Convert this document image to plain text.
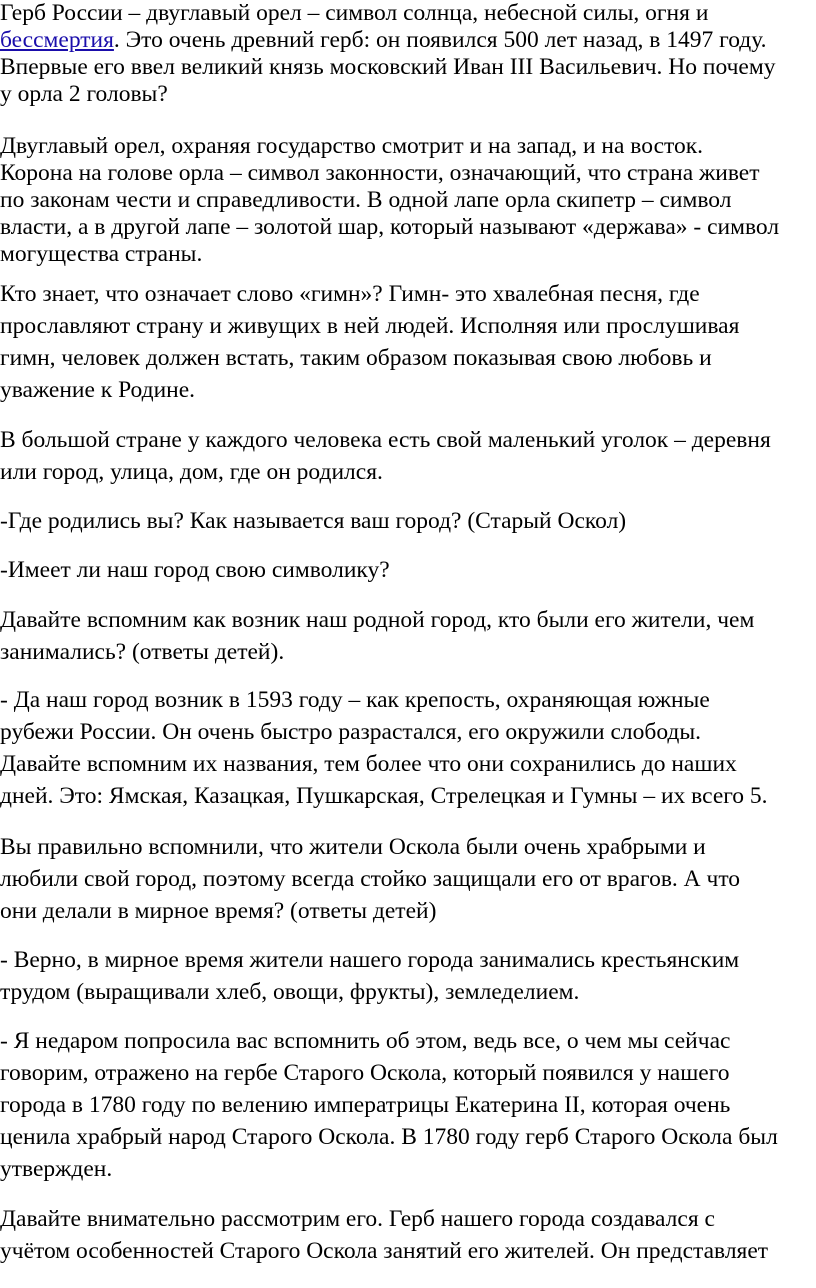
Герб России – двуглавый орел – символ солнца, небесной силы, огня и

бессмертия. Это очень древний герб: он появился 500 лет назад, в 1497 году.

Впервые его ввел великий князь московский Иван III Васильевич. Но почему

у орла 2 головы?

Двуглавый орел, охраняя государство смотрит и на запад, и на восток.

Корона на голове орла – символ законности, означающий, что страна живет

по законам чести и справедливости. В одной лапе орла скипетр – символ

власти, а в другой лапе – золотой шар, который называют «держава» - символ

могущества страны.

Кто знает, что означает слово «гимн»? Гимн- это хвалебная песня, где

прославляют страну и живущих в ней людей. Исполняя или прослушивая

гимн, человек должен встать, таким образом показывая свою любовь и

уважение к Родине.

В большой стране у каждого человека есть свой маленький уголок – деревня

или город, улица, дом, где он родился.

-Где родились вы? Как называется ваш город? (Старый Оскол)

-Имеет ли наш город свою символику?

Давайте вспомним как возник наш родной город, кто были его жители, чем

занимались? (ответы детей).

- Да наш город возник в 1593 году – как крепость, охраняющая южные

рубежи России. Он очень быстро разрастался, его окружили слободы.

Давайте вспомним их названия, тем более что они сохранились до наших

дней. Это: Ямская, Казацкая, Пушкарская, Стрелецкая и Гумны – их всего 5.

Вы правильно вспомнили, что жители Оскола были очень храбрыми и

любили свой город, поэтому всегда стойко защищали его от врагов. А что

они делали в мирное время? (ответы детей)

- Верно, в мирное время жители нашего города занимались крестьянским

трудом (выращивали хлеб, овощи, фрукты), земледелием.

- Я недаром попросила вас вспомнить об этом, ведь все, о чем мы сейчас

говорим, отражено на гербе Старого Оскола, который появился у нашего

города в 1780 году по велению императрицы Екатерина II, которая очень

ценила храбрый народ Старого Оскола. В 1780 году герб Старого Оскола был

утвержден.

Давайте внимательно рассмотрим его. Герб нашего города создавался с

учётом особенностей Старого Оскола занятий его жителей. Он представляет
